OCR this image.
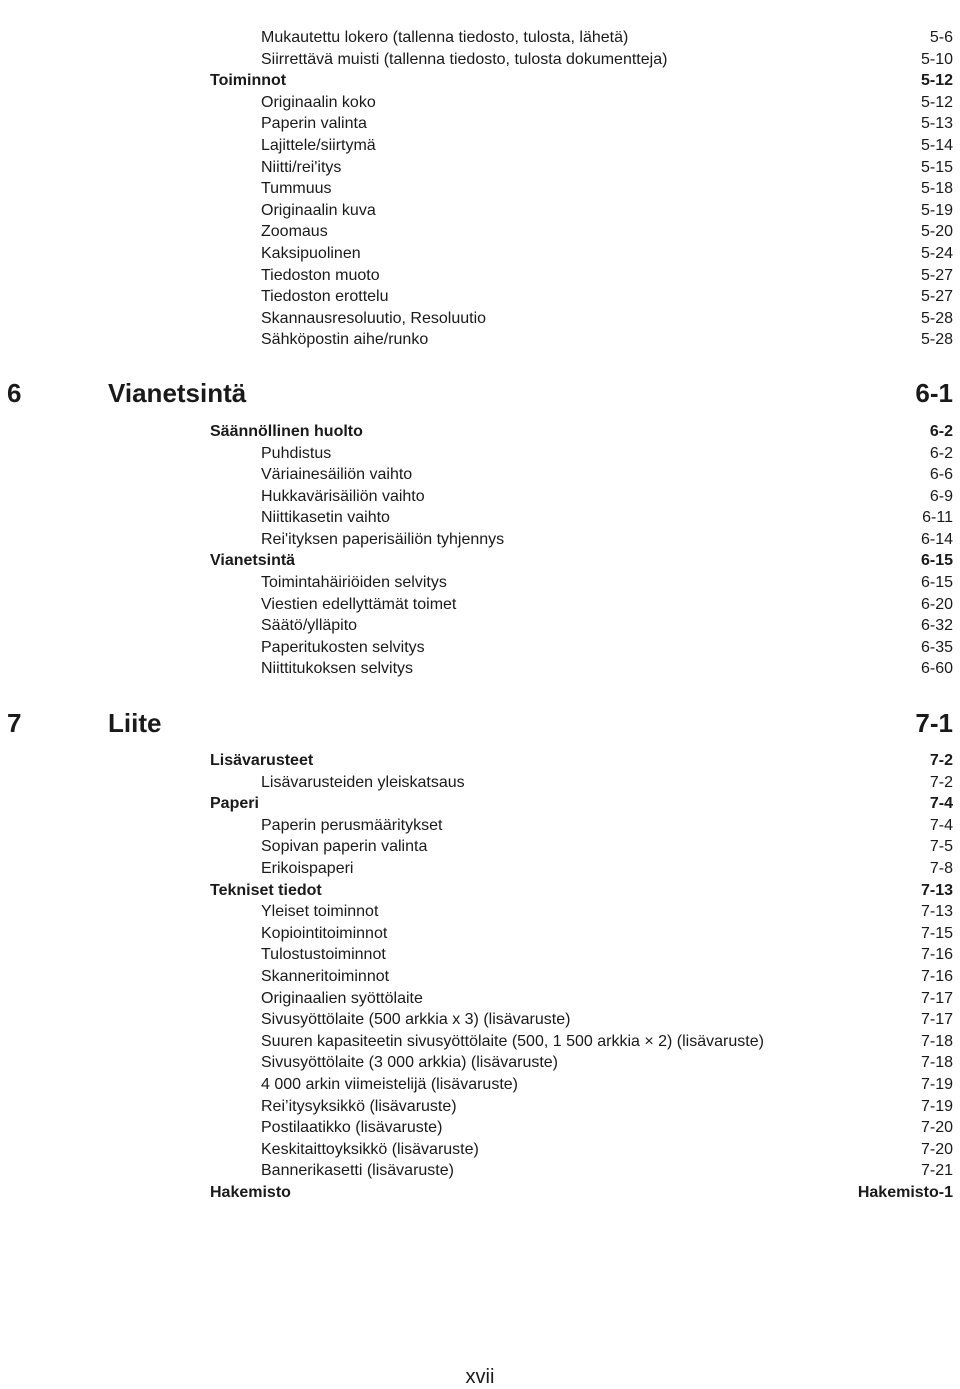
Mukautettu lokero (tallenna tiedosto, tulosta, lähetä)	5-6
Siirrettävä muisti (tallenna tiedosto, tulosta dokumentteja)	5-10
Toiminnot	5-12
Originaalin koko	5-12
Paperin valinta	5-13
Lajittele/siirtymä	5-14
Niitti/rei'itys	5-15
Tummuus	5-18
Originaalin kuva	5-19
Zoomaus	5-20
Kaksipuolinen	5-24
Tiedoston muoto	5-27
Tiedoston erottelu	5-27
Skannausresoluutio, Resoluutio	5-28
Sähköpostin aihe/runko	5-28
6	Vianetsintä	6-1
Säännöllinen huolto	6-2
Puhdistus	6-2
Väriainesäiliön vaihto	6-6
Hukkavärisäiliön vaihto	6-9
Niittikasetin vaihto	6-11
Rei'ityksen paperisäiliön tyhjennys	6-14
Vianetsintä	6-15
Toimintahäiriöiden selvitys	6-15
Viestien edellyttämät toimet	6-20
Säätö/ylläpito	6-32
Paperitukosten selvitys	6-35
Niittitukoksen selvitys	6-60
7	Liite	7-1
Lisävarusteet	7-2
Lisävarusteiden yleiskatsaus	7-2
Paperi	7-4
Paperin perusmääritykset	7-4
Sopivan paperin valinta	7-5
Erikoispaperi	7-8
Tekniset tiedot	7-13
Yleiset toiminnot	7-13
Kopiointitoiminnot	7-15
Tulostustoiminnot	7-16
Skanneritoiminnot	7-16
Originaalien syöttölaite	7-17
Sivusyöttölaite (500 arkkia x 3) (lisävaruste)	7-17
Suuren kapasiteetin sivusyöttölaite (500, 1 500 arkkia × 2) (lisävaruste)	7-18
Sivusyöttölaite (3 000 arkkia) (lisävaruste)	7-18
4 000 arkin viimeistelijä (lisävaruste)	7-19
Rei’itysyksikkö (lisävaruste)	7-19
Postilaatikko (lisävaruste)	7-20
Keskitaittoyksikkö (lisävaruste)	7-20
Bannerikasetti (lisävaruste)	7-21
Hakemisto	Hakemisto-1
xvii
